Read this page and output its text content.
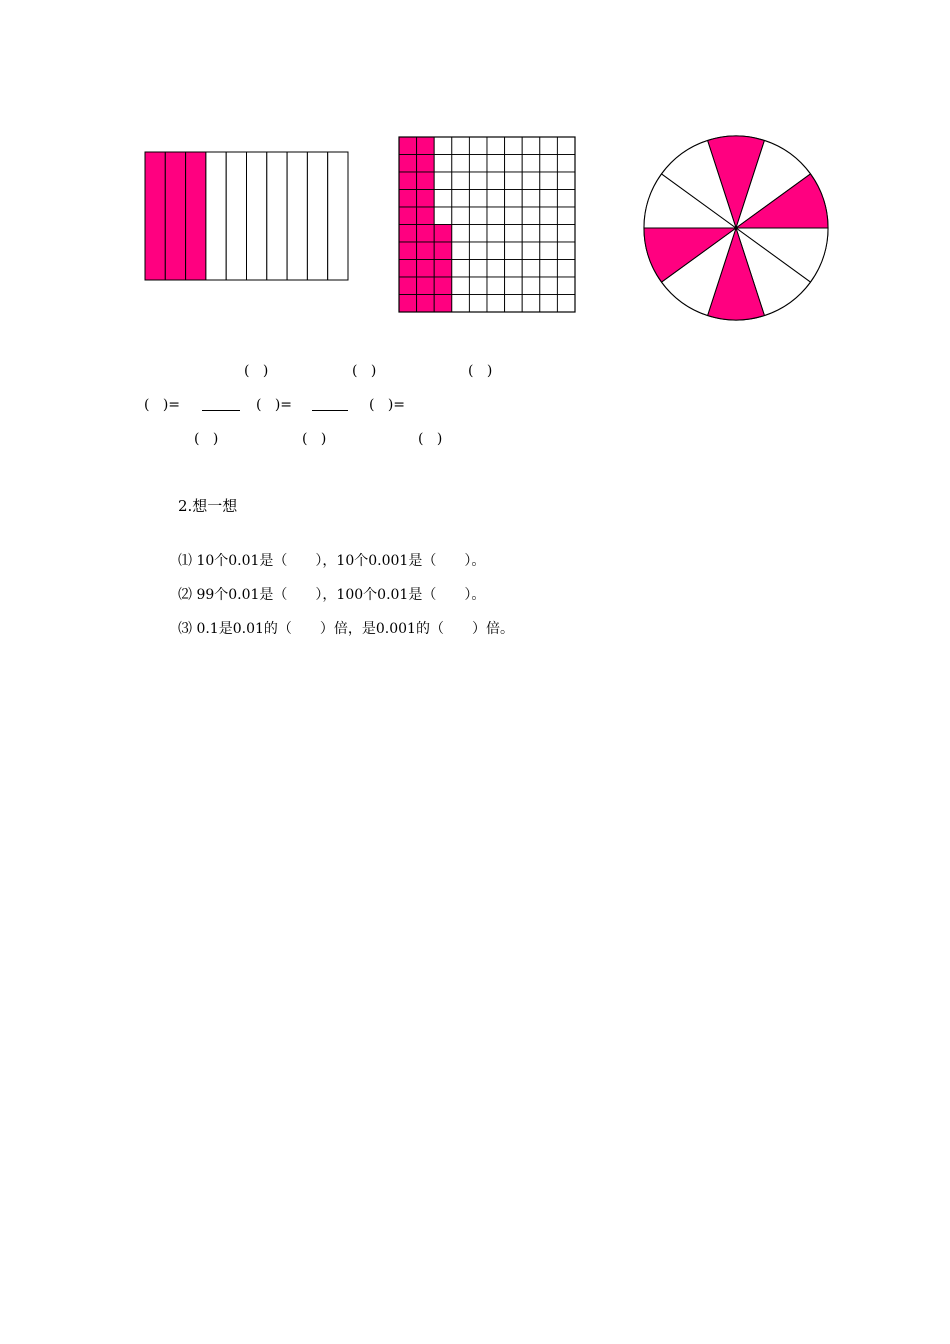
(   )	(   )	(   )
(   )=	(   )=	(   )=
(   )	(   )	(   )
2.想一想
⑴ 10个0.01是（　　），10个0.001是（　　）。
⑵ 99个0.01是（　　），100个0.01是（　　）。
⑶ 0.1是0.01的（　　）倍，是0.001的（　　）倍。
